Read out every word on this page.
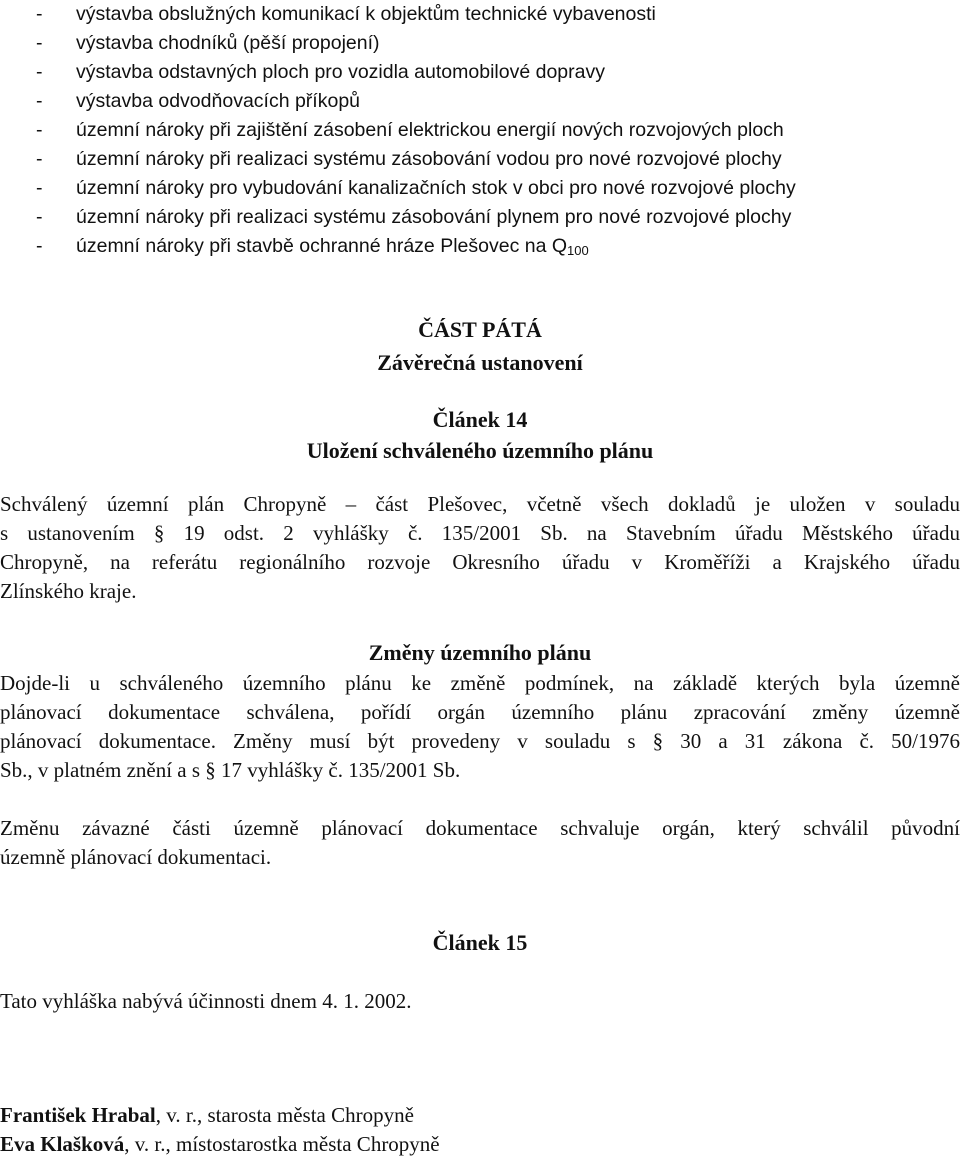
- výstavba obslužných komunikací k objektům technické vybavenosti
- výstavba chodníků (pěší propojení)
- výstavba odstavných ploch pro vozidla automobilové dopravy
- výstavba odvodňovacích příkopů
- územní nároky při zajištění zásobení elektrickou energií nových rozvojových ploch
- územní nároky při realizaci systému zásobování vodou pro nové rozvojové plochy
- územní nároky pro vybudování kanalizačních stok v obci pro nové rozvojové plochy
- územní nároky při realizaci systému zásobování plynem pro nové rozvojové plochy
- územní nároky při stavbě ochranné hráze Plešovec na Q100
ČÁST PÁTÁ
Závěrečná ustanovení
Článek 14
Uložení schváleného územního plánu
Schválený územní plán Chropyně – část Plešovec, včetně všech dokladů je uložen v souladu
s ustanovením § 19 odst. 2 vyhlášky č. 135/2001 Sb. na Stavebním úřadu Městského úřadu
Chropyně, na referátu regionálního rozvoje Okresního úřadu v Kroměříži a Krajského úřadu
Zlínského kraje.
Změny územního plánu
Dojde-li u schváleného územního plánu ke změně podmínek, na základě kterých byla územně
plánovací dokumentace schválena, pořídí orgán územního plánu zpracování změny územně
plánovací dokumentace. Změny musí být provedeny v souladu s § 30 a 31 zákona č. 50/1976
Sb., v platném znění a s § 17 vyhlášky č. 135/2001 Sb.
Změnu závazné části územně plánovací dokumentace schvaluje orgán, který schválil původní
územně plánovací dokumentaci.
Článek 15
Tato vyhláška nabývá účinnosti dnem 4. 1. 2002.
František Hrabal, v. r., starosta města Chropyně
Eva Klašková, v. r., místostarostka města Chropyně
